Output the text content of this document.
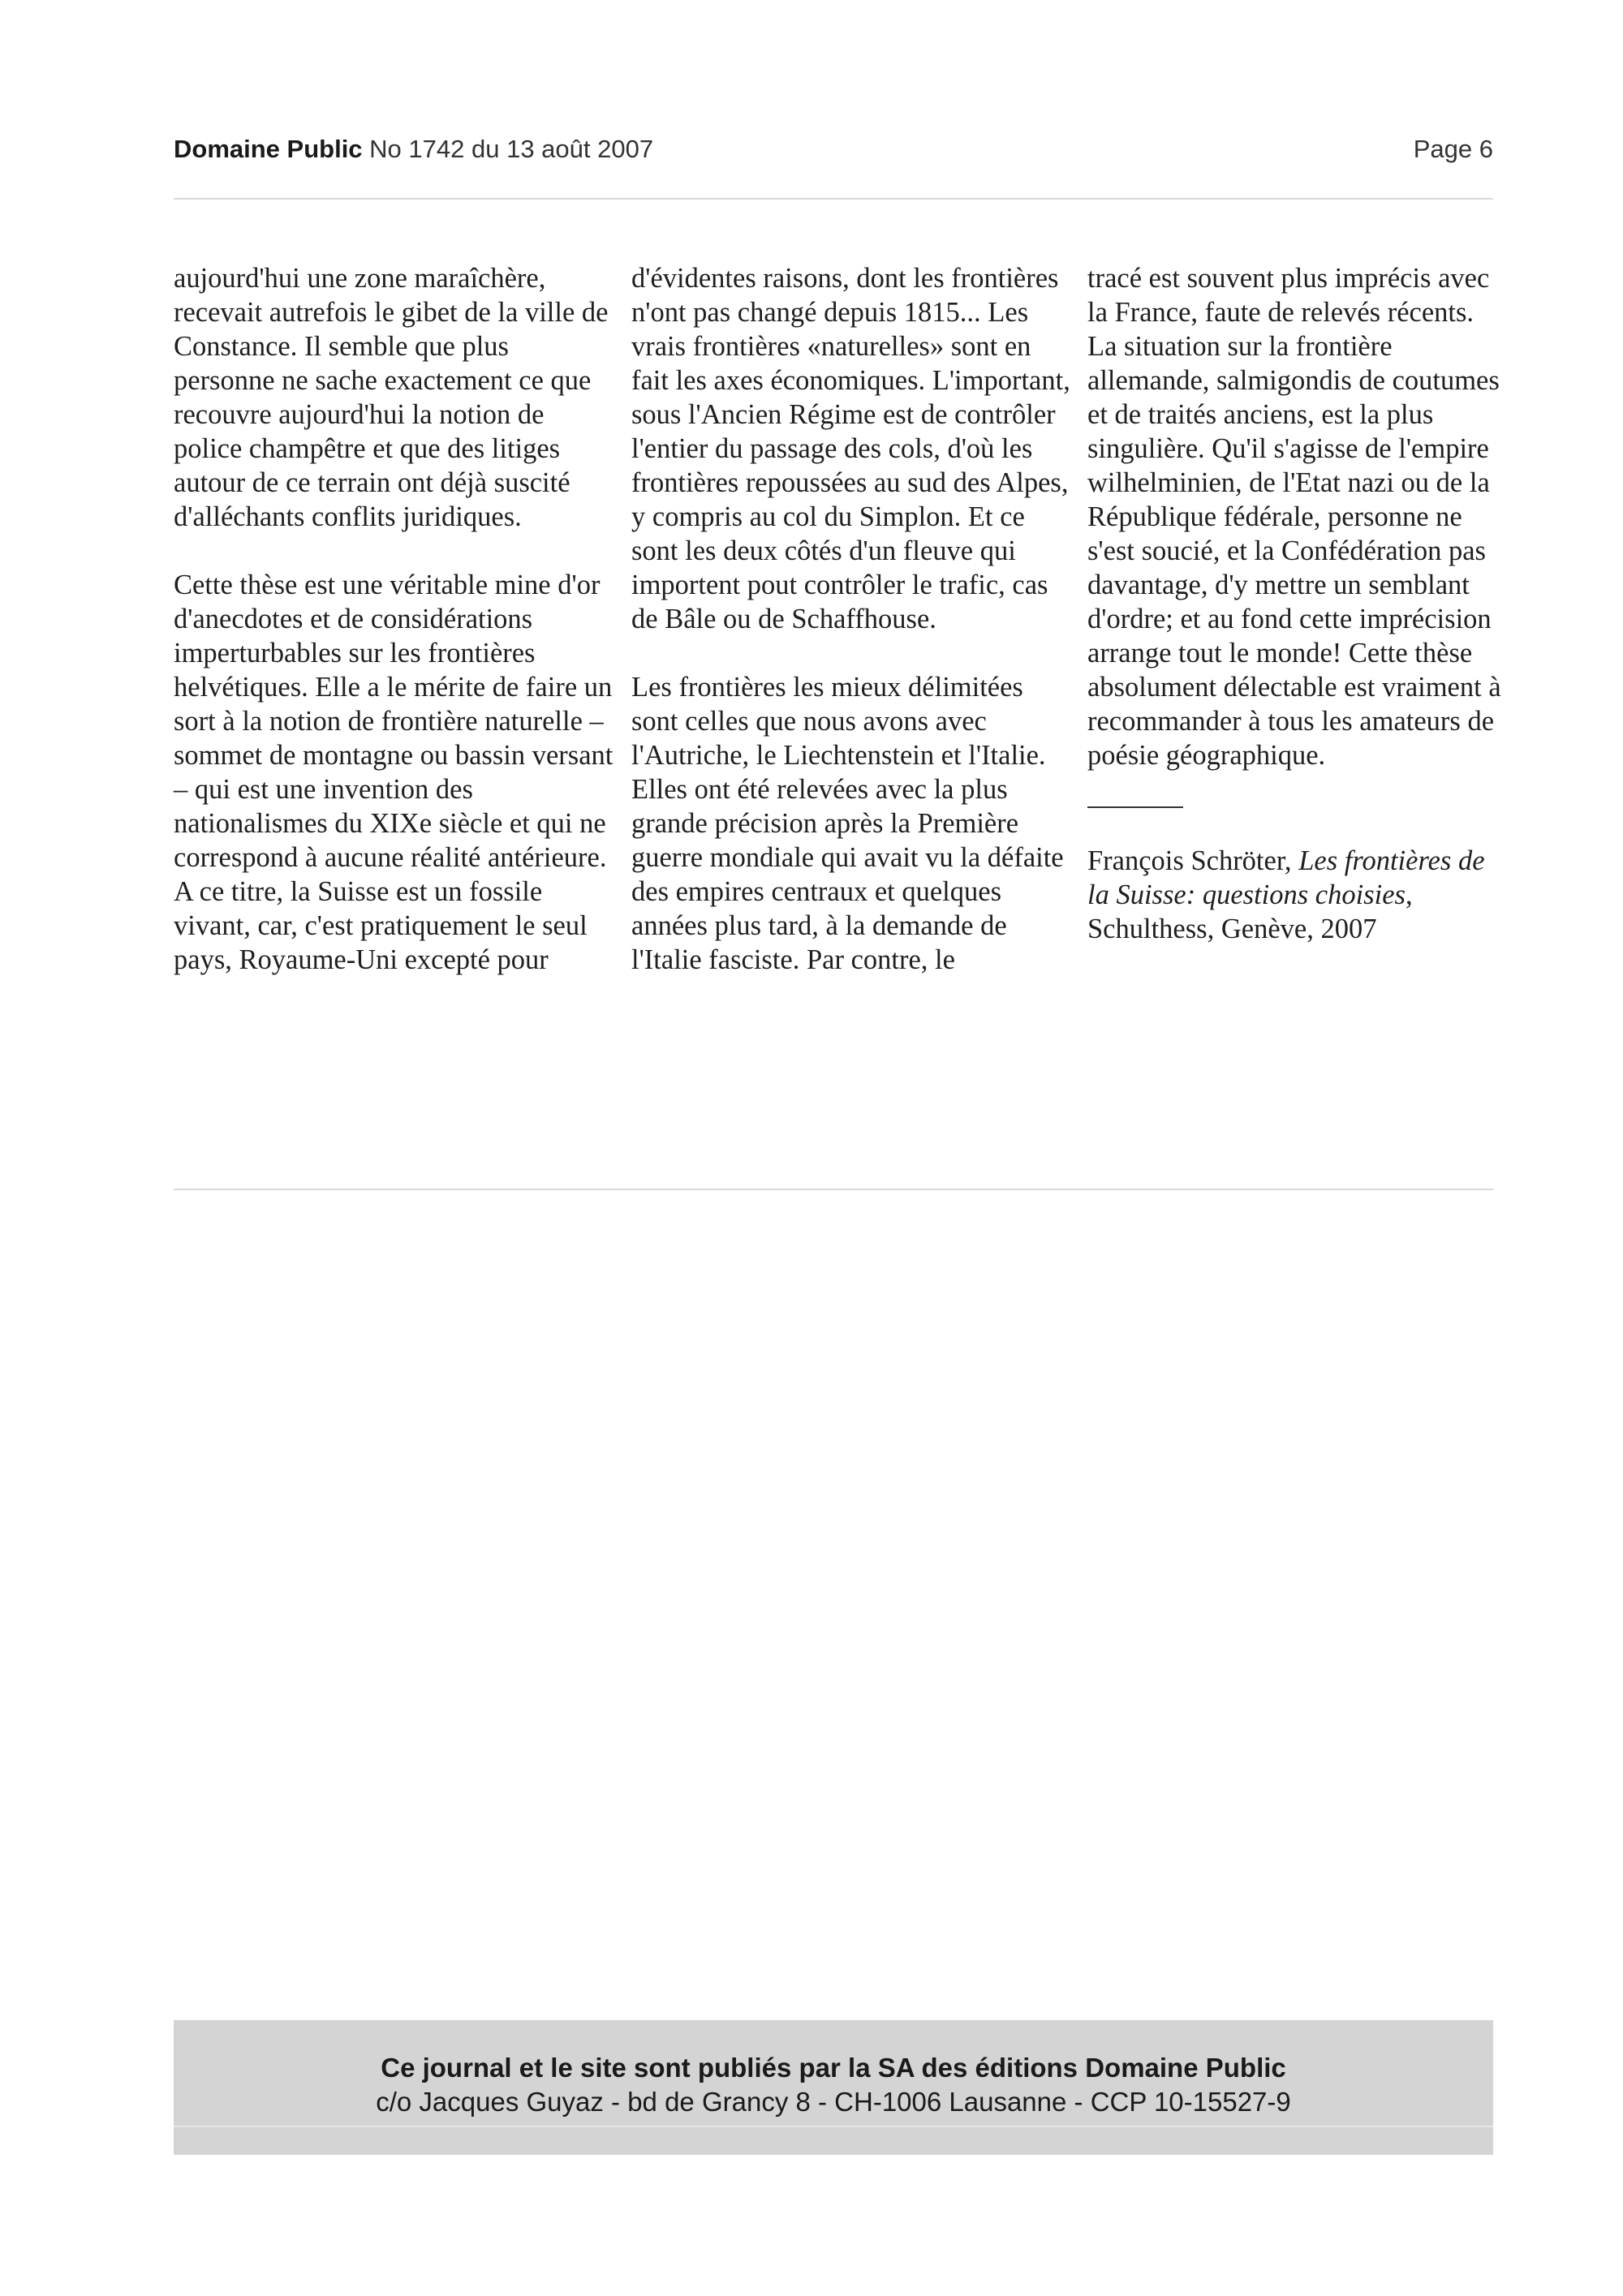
Domaine Public No 1742 du 13 août 2007	Page 6

aujourd'hui une zone maraîchère, recevait autrefois le gibet de la ville de Constance. Il semble que plus personne ne sache exactement ce que recouvre aujourd'hui la notion de police champêtre et que des litiges autour de ce terrain ont déjà suscité d'alléchants conflits juridiques.

Cette thèse est une véritable mine d'or d'anecdotes et de considérations imperturbables sur les frontières helvétiques. Elle a le mérite de faire un sort à la notion de frontière naturelle – sommet de montagne ou bassin versant – qui est une invention des nationalismes du XIXe siècle et qui ne correspond à aucune réalité antérieure. A ce titre, la Suisse est un fossile vivant, car, c'est pratiquement le seul pays, Royaume-Uni excepté pour

d'évidentes raisons, dont les frontières n'ont pas changé depuis 1815... Les vrais frontières «naturelles» sont en fait les axes économiques. L'important, sous l'Ancien Régime est de contrôler l'entier du passage des cols, d'où les frontières repoussées au sud des Alpes, y compris au col du Simplon. Et ce sont les deux côtés d'un fleuve qui importent pout contrôler le trafic, cas de Bâle ou de Schaffhouse.

Les frontières les mieux délimitées sont celles que nous avons avec l'Autriche, le Liechtenstein et l'Italie. Elles ont été relevées avec la plus grande précision après la Première guerre mondiale qui avait vu la défaite des empires centraux et quelques années plus tard, à la demande de l'Italie fasciste. Par contre, le

tracé est souvent plus imprécis avec la France, faute de relevés récents. La situation sur la frontière allemande, salmigondis de coutumes et de traités anciens, est la plus singulière. Qu'il s'agisse de l'empire wilhelminien, de l'Etat nazi ou de la République fédérale, personne ne s'est soucié, et la Confédération pas davantage, d'y mettre un semblant d'ordre; et au fond cette imprécision arrange tout le monde! Cette thèse absolument délectable est vraiment à recommander à tous les amateurs de poésie géographique.

François Schröter, Les frontières de la Suisse: questions choisies, Schulthess, Genève, 2007

Ce journal et le site sont publiés par la SA des éditions Domaine Public
c/o Jacques Guyaz - bd de Grancy 8 - CH-1006 Lausanne - CCP 10-15527-9
